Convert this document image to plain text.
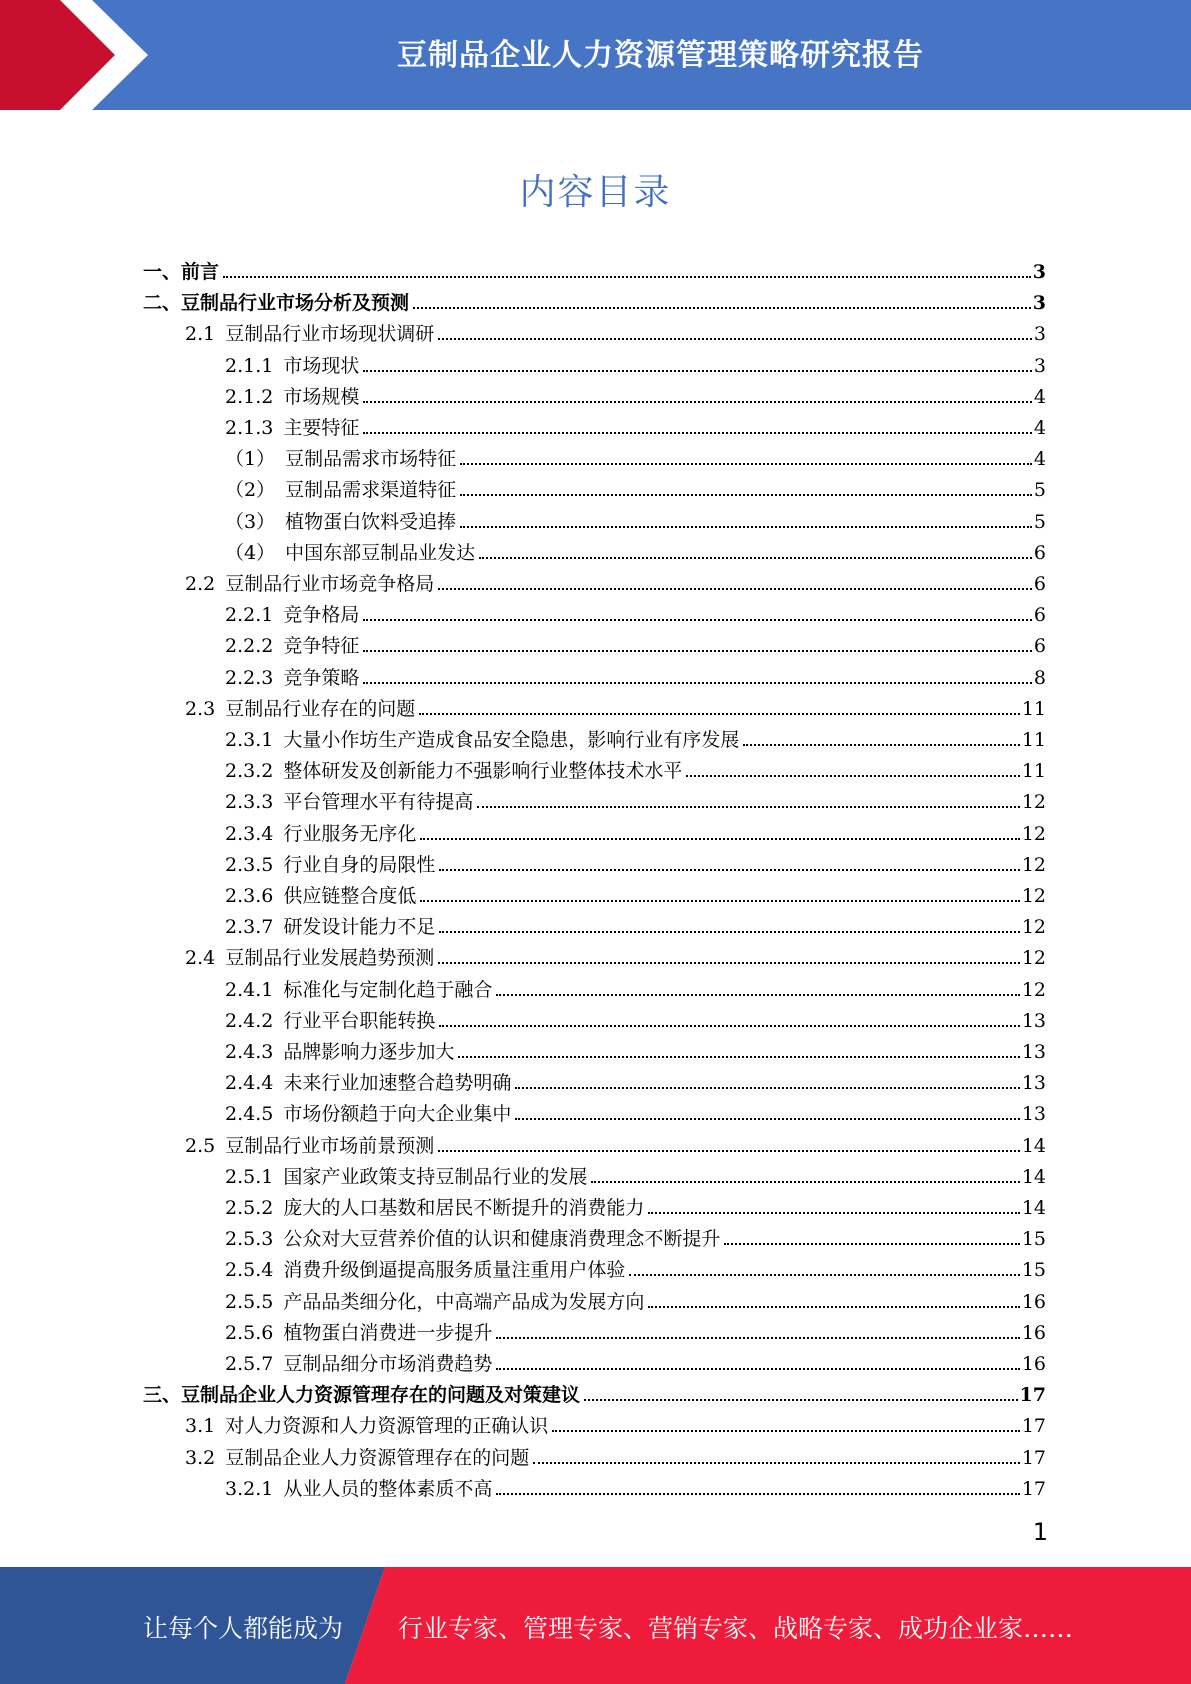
豆制品企业人力资源管理策略研究报告
内容目录
一、前言	3
二、豆制品行业市场分析及预测	3
2.1 豆制品行业市场现状调研	3
2.1.1 市场现状	3
2.1.2 市场规模	4
2.1.3 主要特征	4
（1） 豆制品需求市场特征	4
（2） 豆制品需求渠道特征	5
（3） 植物蛋白饮料受追捧	5
（4） 中国东部豆制品业发达	6
2.2 豆制品行业市场竞争格局	6
2.2.1 竞争格局	6
2.2.2 竞争特征	6
2.2.3 竞争策略	8
2.3 豆制品行业存在的问题	11
2.3.1 大量小作坊生产造成食品安全隐患，影响行业有序发展	11
2.3.2 整体研发及创新能力不强影响行业整体技术水平	11
2.3.3 平台管理水平有待提高	12
2.3.4 行业服务无序化	12
2.3.5 行业自身的局限性	12
2.3.6 供应链整合度低	12
2.3.7 研发设计能力不足	12
2.4 豆制品行业发展趋势预测	12
2.4.1 标准化与定制化趋于融合	12
2.4.2 行业平台职能转换	13
2.4.3 品牌影响力逐步加大	13
2.4.4 未来行业加速整合趋势明确	13
2.4.5 市场份额趋于向大企业集中	13
2.5 豆制品行业市场前景预测	14
2.5.1 国家产业政策支持豆制品行业的发展	14
2.5.2 庞大的人口基数和居民不断提升的消费能力	14
2.5.3 公众对大豆营养价值的认识和健康消费理念不断提升	15
2.5.4 消费升级倒逼提高服务质量注重用户体验	15
2.5.5 产品品类细分化，中高端产品成为发展方向	16
2.5.6 植物蛋白消费进一步提升	16
2.5.7 豆制品细分市场消费趋势	16
三、豆制品企业人力资源管理存在的问题及对策建议	17
3.1 对人力资源和人力资源管理的正确认识	17
3.2 豆制品企业人力资源管理存在的问题	17
3.2.1 从业人员的整体素质不高	17
1
让每个人都能成为 行业专家、管理专家、营销专家、战略专家、成功企业家……
